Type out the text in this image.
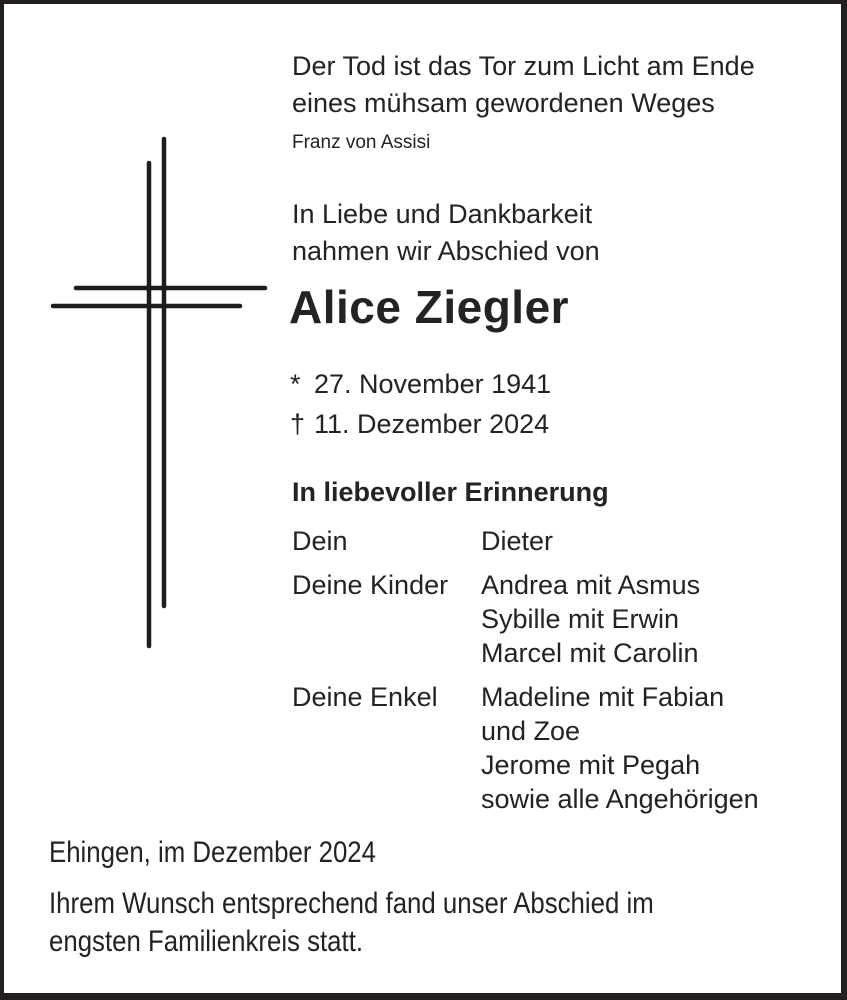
Der Tod ist das Tor zum Licht am Ende
eines mühsam gewordenen Weges
Franz von Assisi
In Liebe und Dankbarkeit
nahmen wir Abschied von
Alice Ziegler
* 27. November 1941
† 11. Dezember 2024
In liebevoller Erinnerung
Dein	Dieter
Deine Kinder	Andrea mit Asmus
Sybille mit Erwin
Marcel mit Carolin
Deine Enkel	Madeline mit Fabian
und Zoe
Jerome mit Pegah
sowie alle Angehörigen
Ehingen, im Dezember 2024
Ihrem Wunsch entsprechend fand unser Abschied im
engsten Familienkreis statt.
